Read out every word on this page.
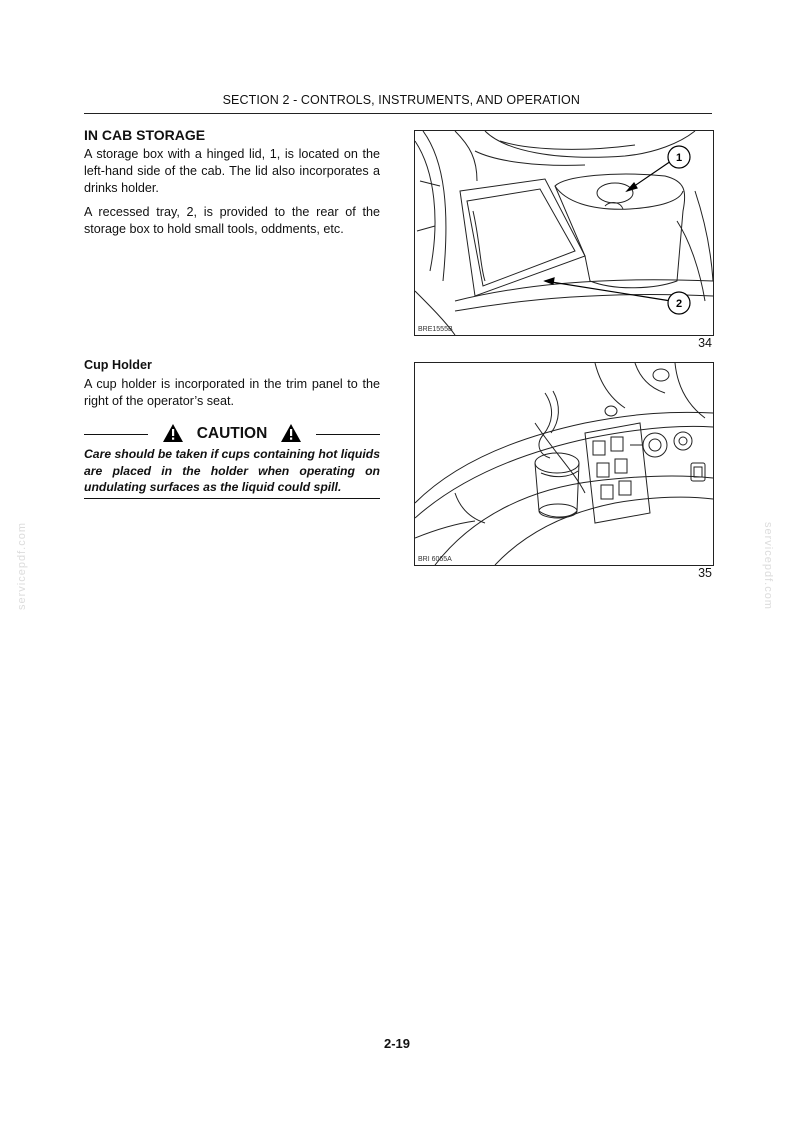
servicepdf.com	servicepdf.com
SECTION 2 - CONTROLS, INSTRUMENTS, AND OPERATION
IN CAB STORAGE
A storage box with a hinged lid, 1, is located on the left-hand side of the cab. The lid also incorporates a drinks holder.
A recessed tray, 2, is provided to the rear of the storage box to hold small tools, oddments, etc.
Cup Holder
A cup holder is incorporated in the trim panel to the right of the operator’s seat.
CAUTION
Care should be taken if cups containing hot liquids are placed in the holder when operating on undulating surfaces as the liquid could spill.
1
2
BRE1555B
34
BRI 6065A
35
2-19
